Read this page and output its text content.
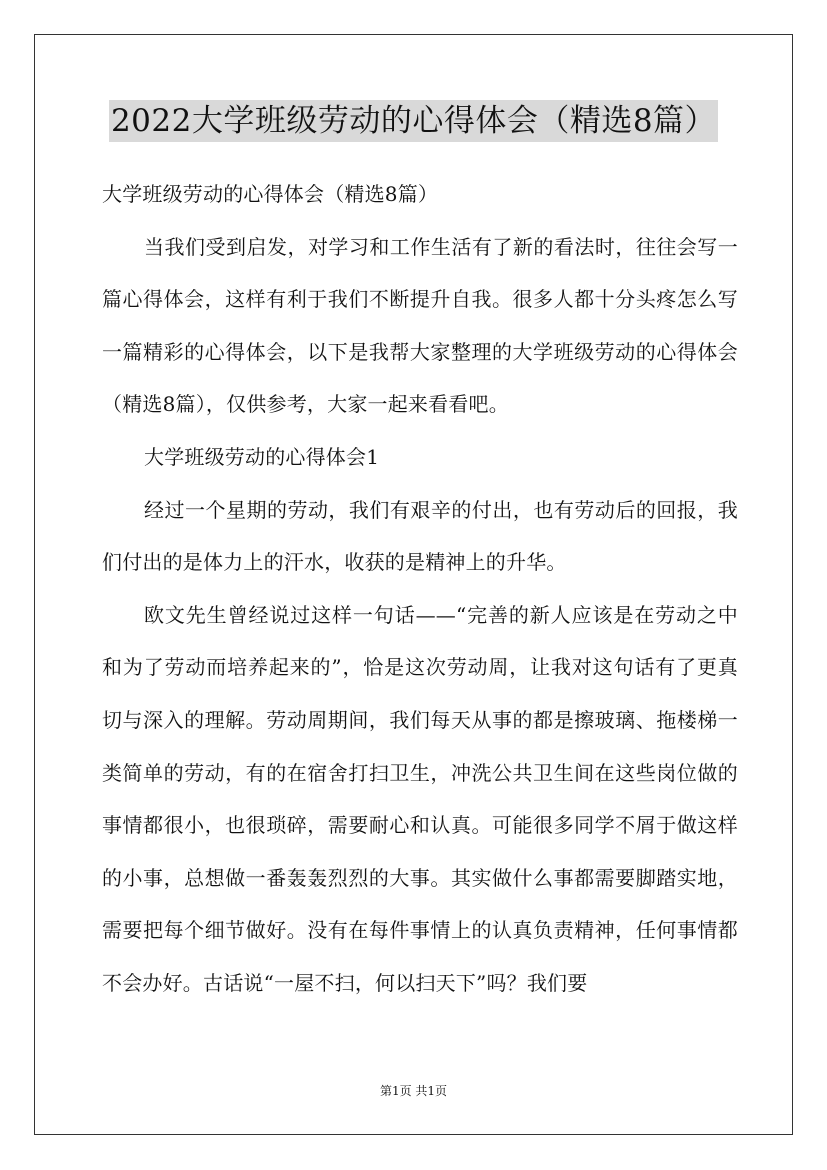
2022大学班级劳动的心得体会（精选8篇）

大学班级劳动的心得体会（精选8篇）

当我们受到启发，对学习和工作生活有了新的看法时，往往会写一篇心得体会，这样有利于我们不断提升自我。很多人都十分头疼怎么写一篇精彩的心得体会，以下是我帮大家整理的大学班级劳动的心得体会（精选8篇），仅供参考，大家一起来看看吧。

大学班级劳动的心得体会1

经过一个星期的劳动，我们有艰辛的付出，也有劳动后的回报，我们付出的是体力上的汗水，收获的是精神上的升华。

欧文先生曾经说过这样一句话——“完善的新人应该是在劳动之中和为了劳动而培养起来的”，恰是这次劳动周，让我对这句话有了更真切与深入的理解。劳动周期间，我们每天从事的都是擦玻璃、拖楼梯一类简单的劳动，有的在宿舍打扫卫生，冲洗公共卫生间在这些岗位做的事情都很小，也很琐碎，需要耐心和认真。可能很多同学不屑于做这样的小事，总想做一番轰轰烈烈的大事。其实做什么事都需要脚踏实地，需要把每个细节做好。没有在每件事情上的认真负责精神，任何事情都不会办好。古话说“一屋不扫，何以扫天下”吗？我们要

第1页 共1页
